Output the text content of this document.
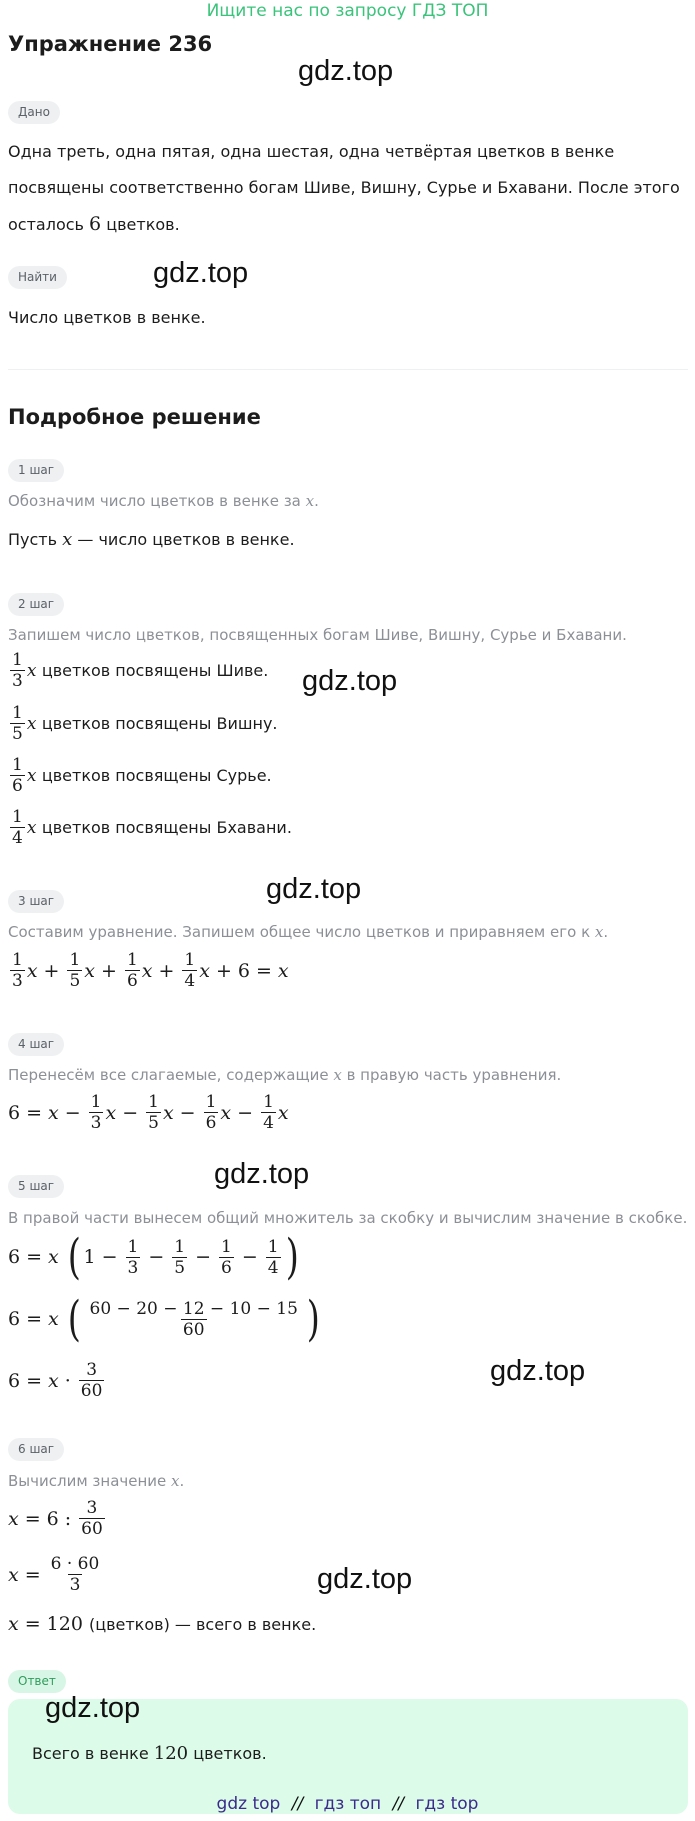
Ищите нас по запросу ГДЗ ТОП
Упражнение 236
gdz.top
gdz.top
gdz.top
gdz.top
gdz.top
gdz.top
gdz.top
gdz.top
Дано
Одна треть, одна пятая, одна шестая, одна четвёртая цветков в венке
посвящены соответственно богам Шиве, Вишну, Сурье и Бхавани. После этого
осталось 6 цветков.
Найти
Число цветков в венке.
Подробное решение
1 шаг
Обозначим число цветков в венке за x.
Пусть x — число цветков в венке.
2 шаг
Запишем число цветков, посвященных богам Шиве, Вишну, Сурье и Бхавани.
$\frac{1}{3}$ x
цветков посвящены Шиве.
$\frac{1}{5}$ x
цветков посвящены Вишну.
$\frac{1}{6}$ x
цветков посвящены Сурье.
$\frac{1}{4}$ x
цветков посвящены Бхавани.
3 шаг
Составим уравнение. Запишем общее число цветков и приравняем его к x.
$\frac{1}{3}$ $x + \frac{1}{5}$ $x + \frac{1}{6}$ $x + \frac{1}{4}$ x + 6 = x
4 шаг
Перенесём все слагаемые, содержащие x в правую часть уравнения.
$6 = x - \frac{1}{3}$ $x - \frac{1}{5}$ $x - \frac{1}{6}$ $x - \frac{1}{4}$ x
5 шаг
В правой части вынесем общий множитель за скобку и вычислим значение в скобке.
6 = x
( $1 - \frac{1}{3} - \frac{1}{5} - \frac{1}{6} - \frac{1}{4}$ )
6 = x
( $\frac{60 - 20 - 12 - 10 - 15}{60}$ )
$6 = x \cdot \frac{3}{60}$
6 шаг
Вычислим значение x.
x = 6 : $\frac{3}{60}$
$x = \frac{6 \cdot 60}{3}$
x = 120
(цветков) — всего в венке.
Ответ
Всего в венке
120
цветков.
gdz top // гдз топ // гдз top
